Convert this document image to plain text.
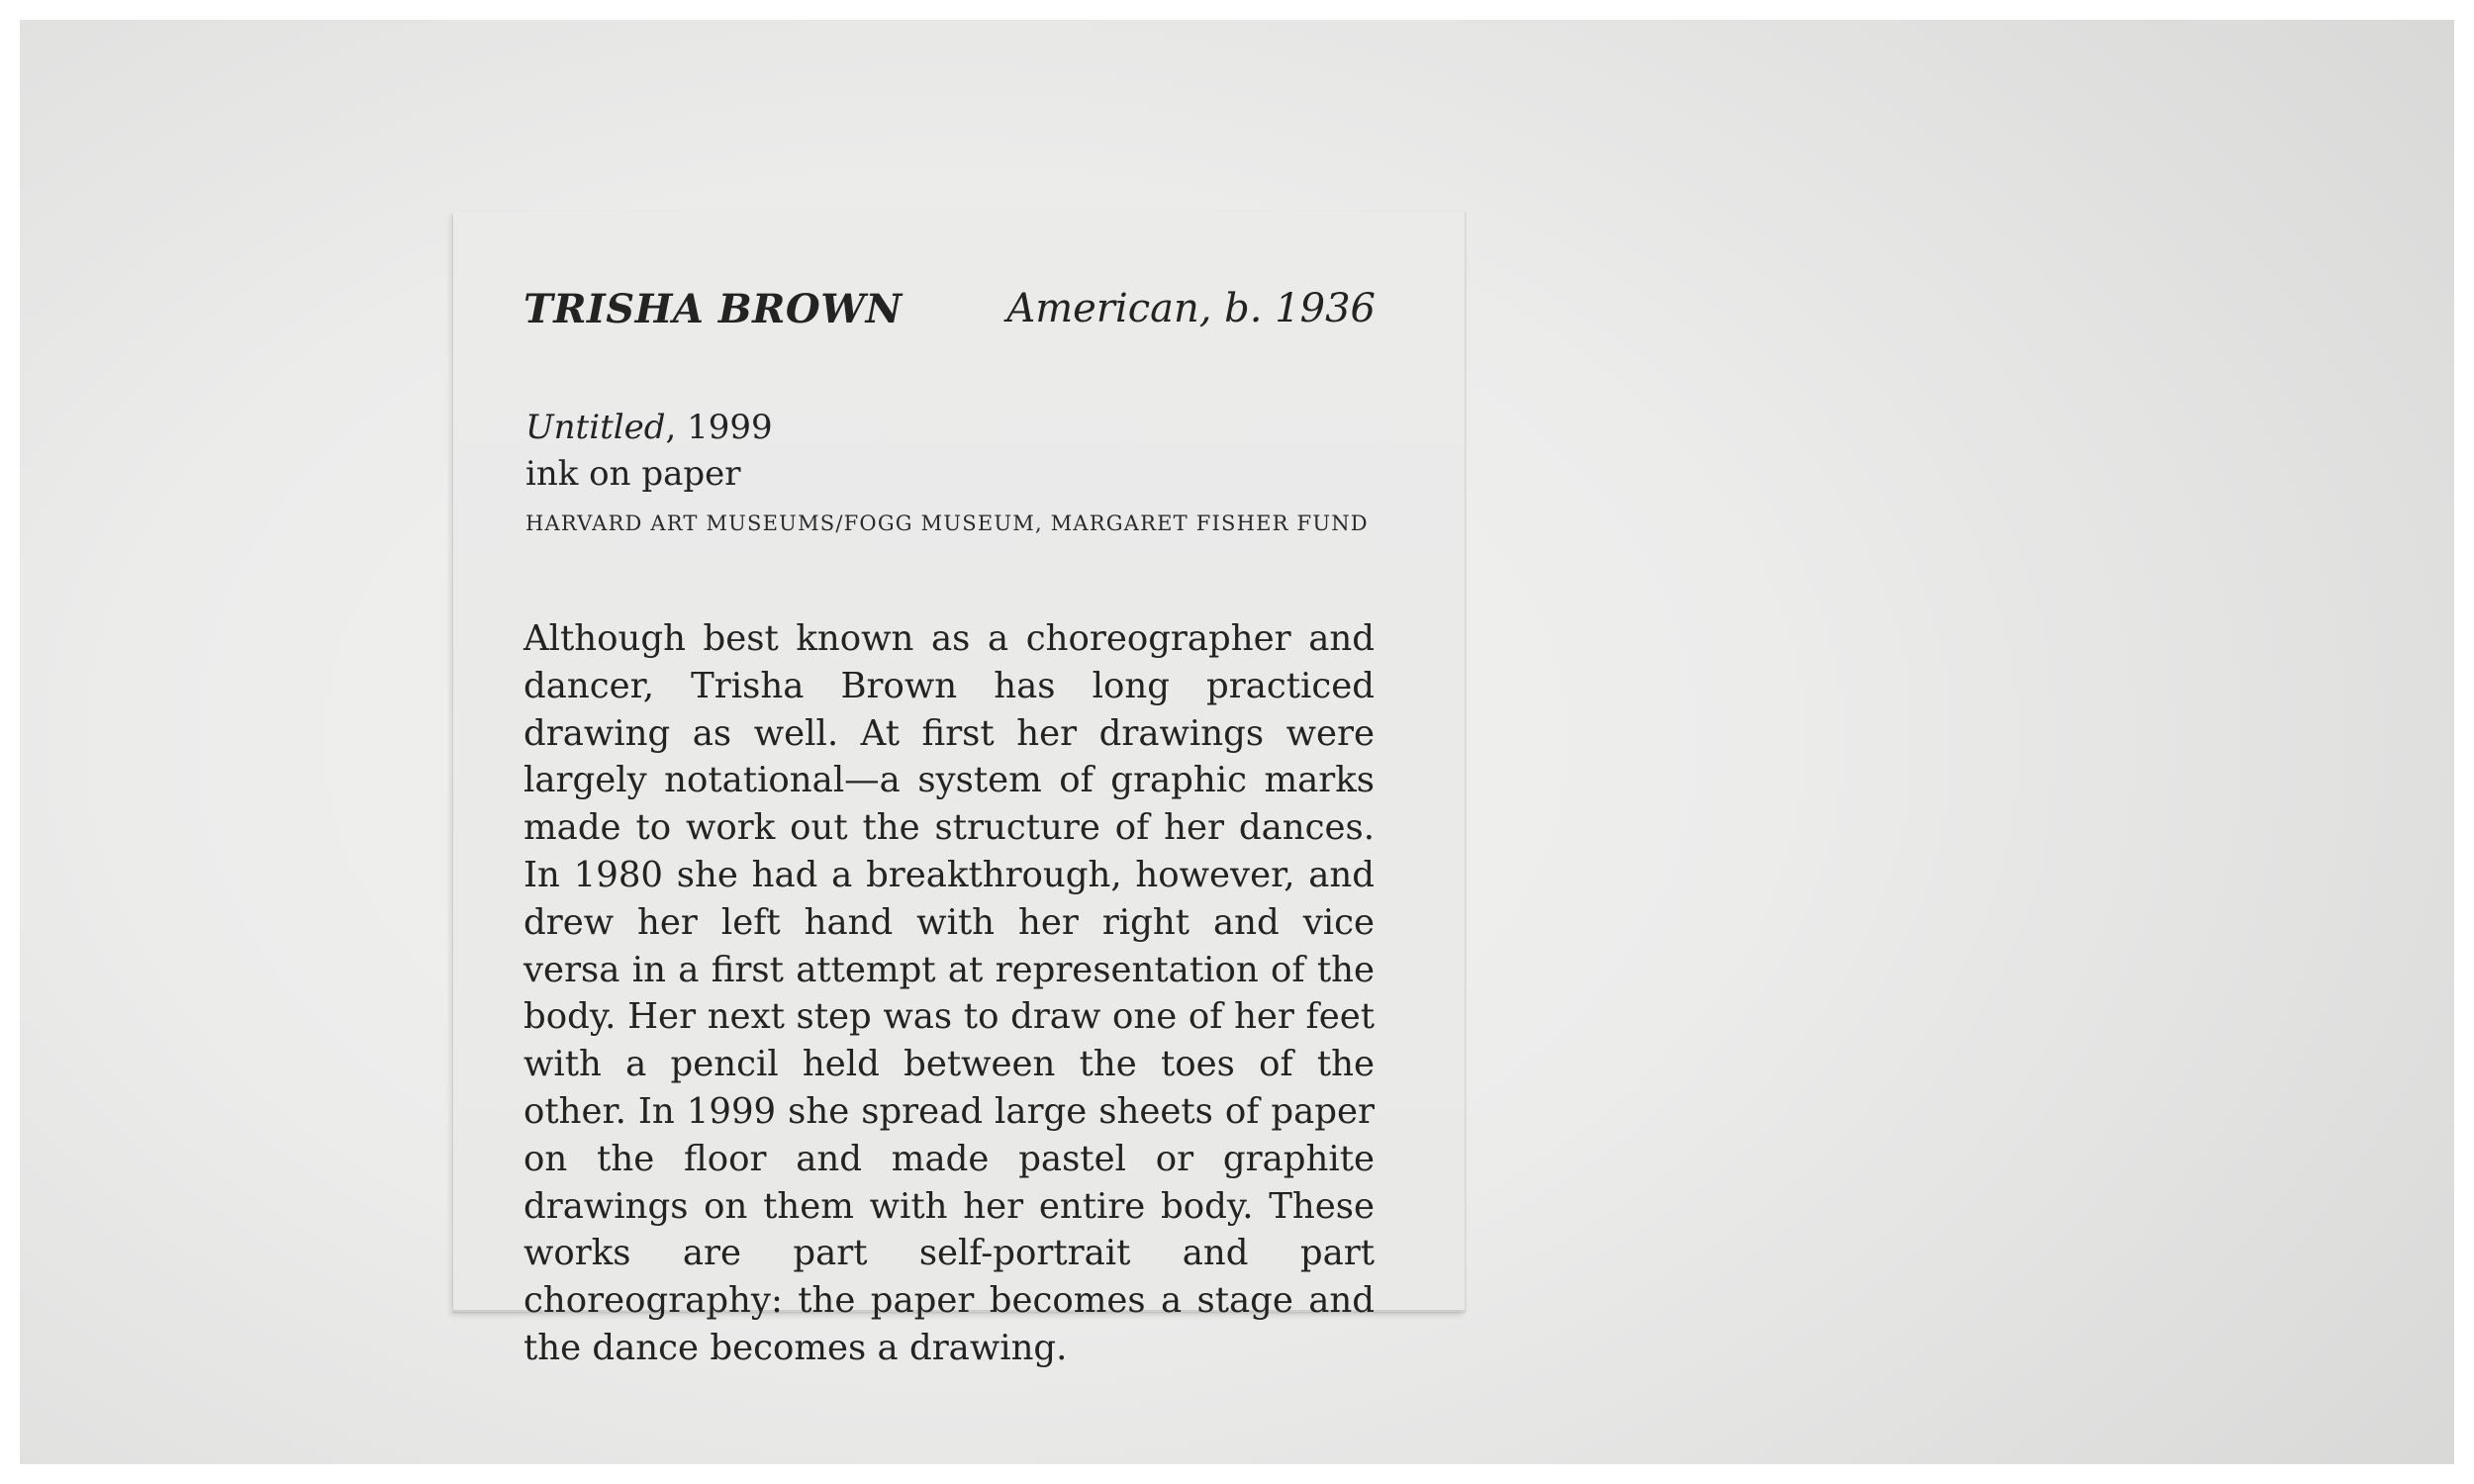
TRISHA BROWN	American, b. 1936
Untitled, 1999
ink on paper
HARVARD ART MUSEUMS/FOGG MUSEUM, MARGARET FISHER FUND

Although best known as a choreographer and dancer, Trisha Brown has long practiced drawing as well. At first her drawings were largely notational—a system of graphic marks made to work out the structure of her dances. In 1980 she had a breakthrough, however, and drew her left hand with her right and vice versa in a first attempt at representation of the body. Her next step was to draw one of her feet with a pencil held between the toes of the other. In 1999 she spread large sheets of paper on the floor and made pastel or graphite drawings on them with her entire body. These works are part self-portrait and part choreography: the paper becomes a stage and the dance becomes a drawing.
